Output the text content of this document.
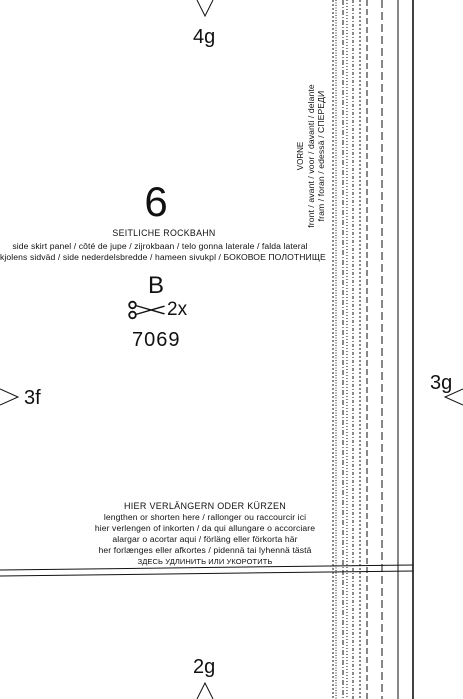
4g
3f
3g
2g
6
SEITLICHE ROCKBAHN
side skirt panel / côté de jupe / zijrokbaan / telo gonna laterale / falda lateral
kjolens sidväd / side nederdelsbredde / hameen sivukpl / БОКОВОЕ ПОЛОТНИЩЕ
B
2x
7069
VORNE front / avant / voor / davanti / delante fram / foran / edessä / СПЕРЕДИ
HIER VERLÄNGERN ODER KÜRZEN
lengthen or shorten here / rallonger ou raccourcir ici
hier verlengen of inkorten / da qui allungare o accorciare
alargar o acortar aqui / förläng eller förkorta här
her forlænges eller afkortes / pidennä tai lyhennä tästä
ЗДЕСЬ УДЛИНИТЬ ИЛИ УКОРОТИТЬ
